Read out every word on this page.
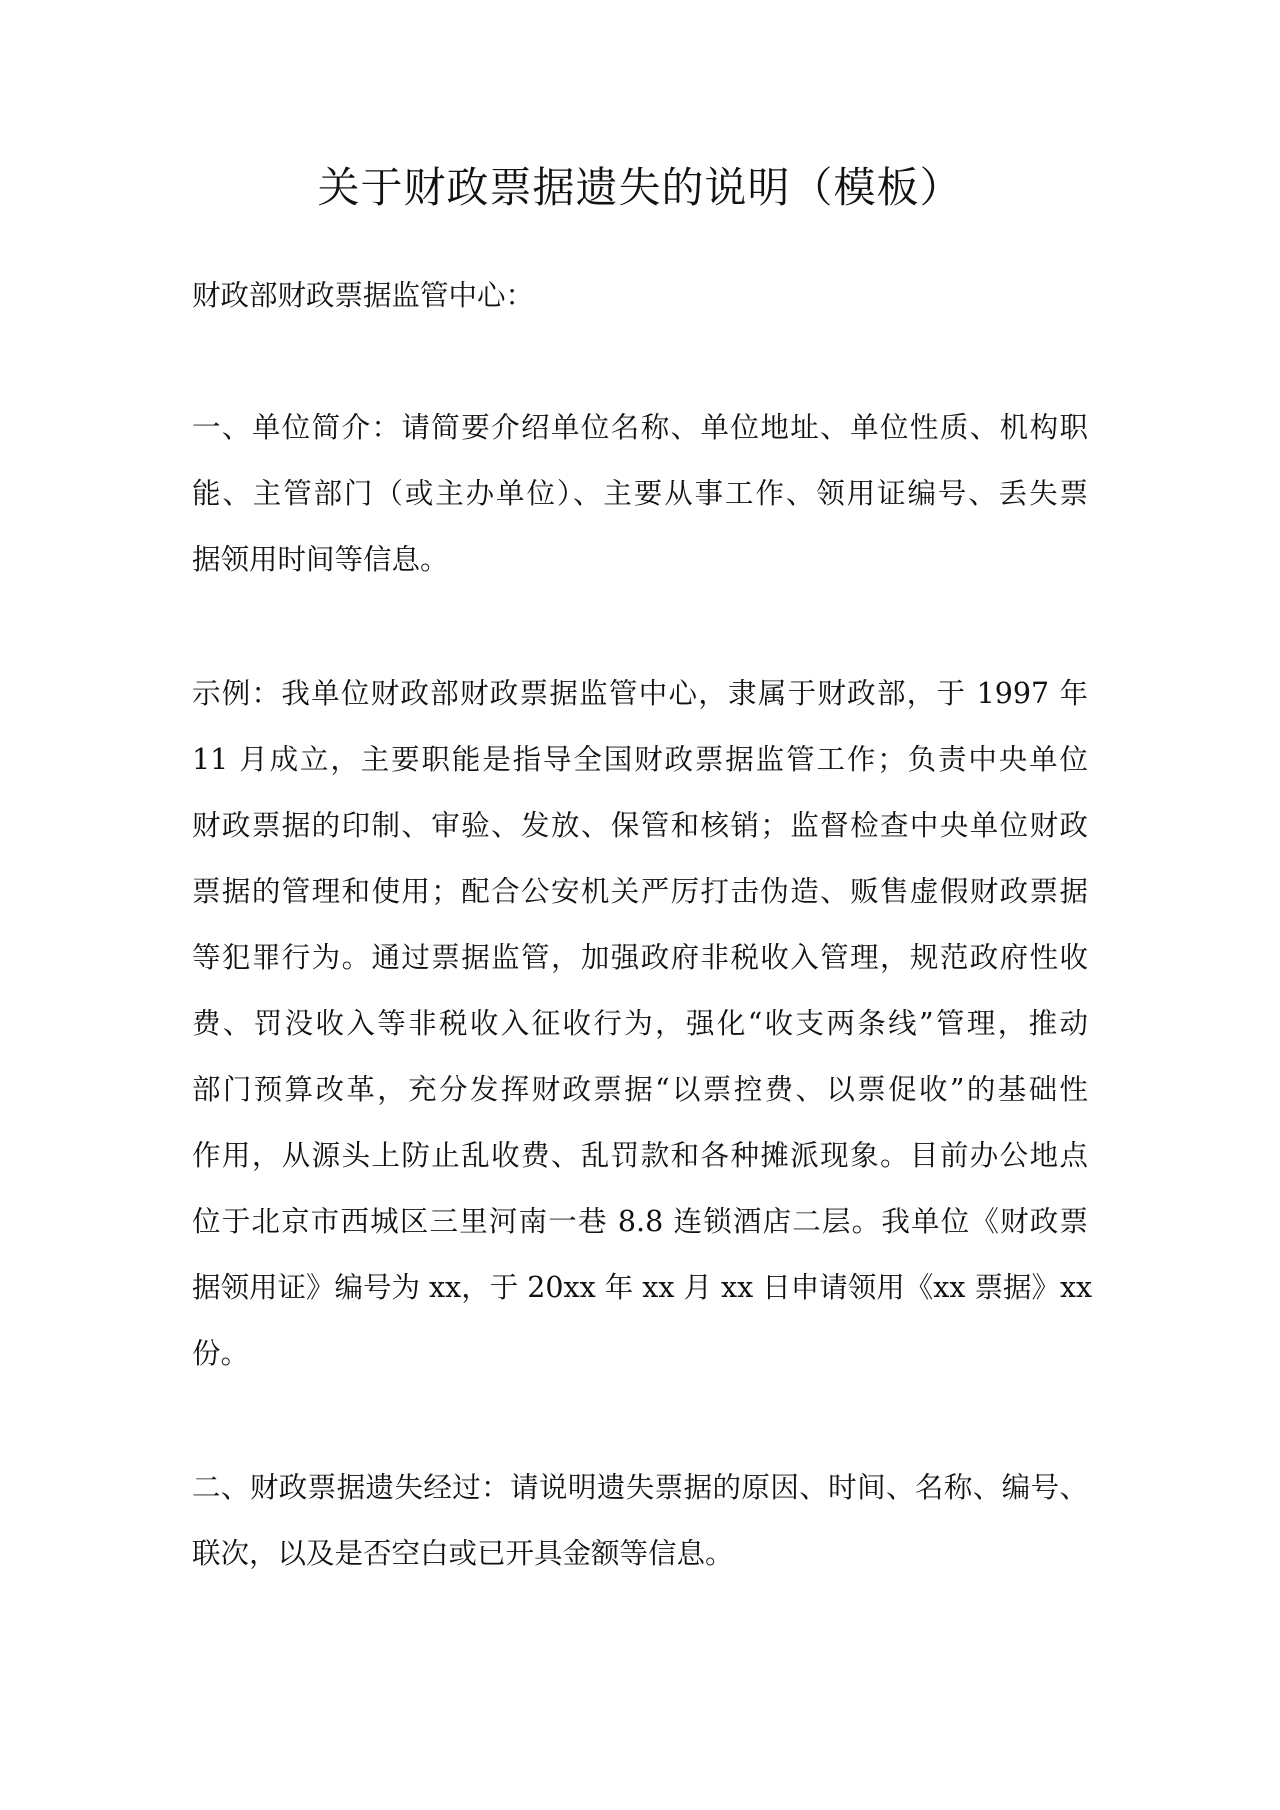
关于财政票据遗失的说明（模板）
财政部财政票据监管中心：
一、单位简介：请简要介绍单位名称、单位地址、单位性质、机构职
能、主管部门（或主办单位）、主要从事工作、领用证编号、丢失票
据领用时间等信息。
示例：我单位财政部财政票据监管中心，隶属于财政部，于 1997 年
11 月成立，主要职能是指导全国财政票据监管工作；负责中央单位
财政票据的印制、审验、发放、保管和核销；监督检查中央单位财政
票据的管理和使用；配合公安机关严厉打击伪造、贩售虚假财政票据
等犯罪行为。通过票据监管，加强政府非税收入管理，规范政府性收
费、罚没收入等非税收入征收行为，强化“收支两条线”管理，推动
部门预算改革，充分发挥财政票据“以票控费、以票促收”的基础性
作用，从源头上防止乱收费、乱罚款和各种摊派现象。目前办公地点
位于北京市西城区三里河南一巷 8.8 连锁酒店二层。我单位《财政票
据领用证》编号为 xx，于 20xx 年 xx 月 xx 日申请领用《xx 票据》xx
份。
二、财政票据遗失经过：请说明遗失票据的原因、时间、名称、编号、
联次，以及是否空白或已开具金额等信息。
